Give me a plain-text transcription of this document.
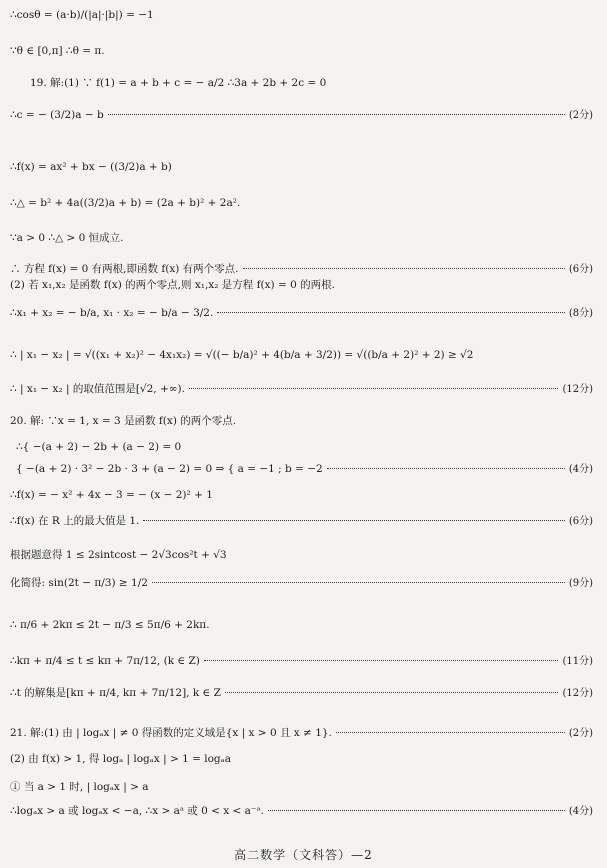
∴cosθ = (a·b)/(|a|·|b|) = −1
∵θ ∈ [0,π] ∴θ = π.
19. 解:(1) ∵ f(1) = a + b + c = − a/2 ∴3a + 2b + 2c = 0
∴c = − (3/2)a − b	(2分)
∴f(x) = ax² + bx − ((3/2)a + b)
∴△ = b² + 4a((3/2)a + b) = (2a + b)² + 2a².
∵a > 0 ∴△ > 0 恒成立.
∴ 方程 f(x) = 0 有两根,即函数 f(x) 有两个零点.	(6分)
(2) 若 x₁,x₂ 是函数 f(x) 的两个零点,则 x₁,x₂ 是方程 f(x) = 0 的两根.
∴x₁ + x₂ = − b/a, x₁ · x₂ = − b/a − 3/2.	(8分)
∴ | x₁ − x₂ | = √((x₁ + x₂)² − 4x₁x₂) = √((− b/a)² + 4(b/a + 3/2)) = √((b/a + 2)² + 2) ≥ √2
∴ | x₁ − x₂ | 的取值范围是[√2, +∞).	(12分)
20. 解: ∵x = 1, x = 3 是函数 f(x) 的两个零点.
∴{ −(a + 2) − 2b + (a − 2) = 0
{ −(a + 2) · 3² − 2b · 3 + (a − 2) = 0 ⇒ { a = −1 ; b = −2	(4分)
∴f(x) = − x² + 4x − 3 = − (x − 2)² + 1
∴f(x) 在 R 上的最大值是 1.	(6分)
根据题意得 1 ≤ 2sintcost − 2√3cos²t + √3
化简得: sin(2t − π/3) ≥ 1/2	(9分)
∴ π/6 + 2kπ ≤ 2t − π/3 ≤ 5π/6 + 2kπ.
∴kπ + π/4 ≤ t ≤ kπ + 7π/12, (k ∈ Z)	(11分)
∴t 的解集是[kπ + π/4, kπ + 7π/12], k ∈ Z	(12分)
21. 解:(1) 由 | logₐx | ≠ 0 得函数的定义域是{x | x > 0 且 x ≠ 1}.	(2分)
(2) 由 f(x) > 1, 得 logₐ | logₐx | > 1 = logₐa
① 当 a > 1 时, | logₐx | > a
∴logₐx > a 或 logₐx < −a, ∴x > aᵃ 或 0 < x < a⁻ᵃ.	(4分)
高二数学（文科答）—2
